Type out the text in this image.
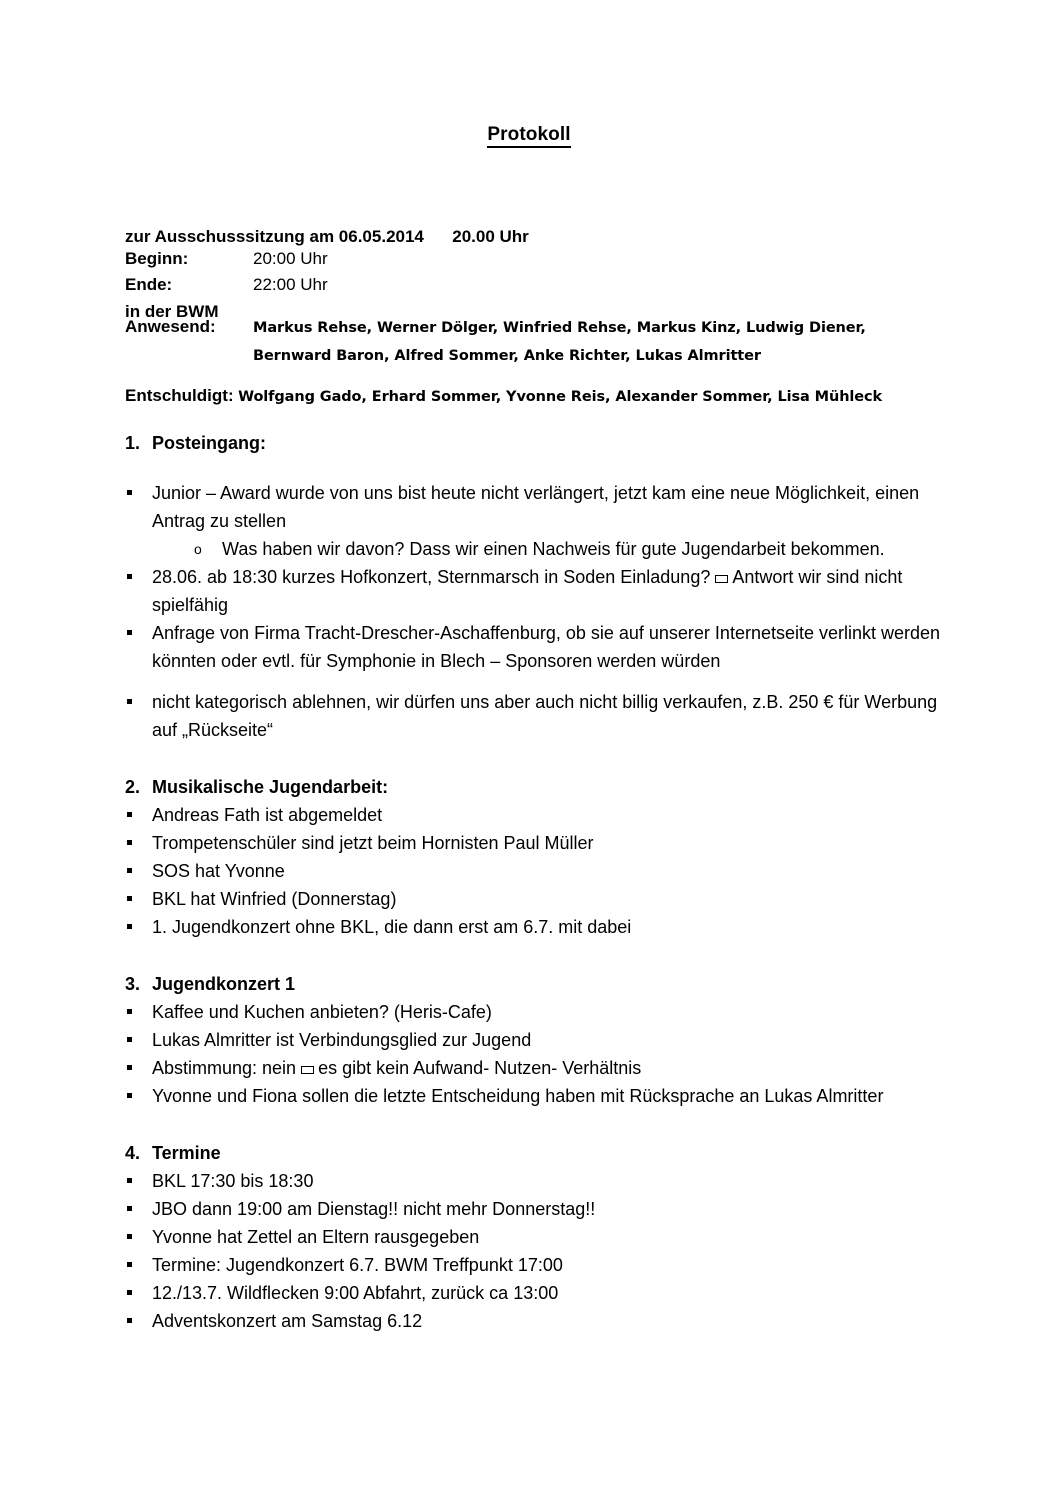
Protokoll

zur Ausschusssitzung am 06.05.2014 20.00 Uhr

in der BWM

Beginn:	20:00 Uhr
Ende:	22:00 Uhr
Anwesend:	Markus Rehse, Werner Dölger, Winfried Rehse, Markus Kinz, Ludwig Diener,
Bernward Baron, Alfred Sommer, Anke Richter, Lukas Almritter
Entschuldigt: Wolfgang Gado, Erhard Sommer, Yvonne Reis, Alexander Sommer, Lisa Mühleck
1. Posteingang:
Junior – Award wurde von uns bist heute nicht verlängert, jetzt kam eine neue Möglichkeit, einen Antrag zu stellen
o Was haben wir davon? Dass wir einen Nachweis für gute Jugendarbeit bekommen.
28.06. ab 18:30 kurzes Hofkonzert, Sternmarsch in Soden Einladung? Antwort wir sind nicht spielfähig
Anfrage von Firma Tracht-Drescher-Aschaffenburg, ob sie auf unserer Internetseite verlinkt werden könnten oder evtl. für Symphonie in Blech – Sponsoren werden würden
nicht kategorisch ablehnen, wir dürfen uns aber auch nicht billig verkaufen, z.B. 250 € für Werbung auf „Rückseite“
2. Musikalische Jugendarbeit:
Andreas Fath ist abgemeldet
Trompetenschüler sind jetzt beim Hornisten Paul Müller
SOS hat Yvonne
BKL hat Winfried (Donnerstag)
1. Jugendkonzert ohne BKL, die dann erst am 6.7. mit dabei
3. Jugendkonzert 1
Kaffee und Kuchen anbieten? (Heris-Cafe)
Lukas Almritter ist Verbindungsglied zur Jugend
Abstimmung: nein es gibt kein Aufwand- Nutzen- Verhältnis
Yvonne und Fiona sollen die letzte Entscheidung haben mit Rücksprache an Lukas Almritter
4. Termine
BKL 17:30 bis 18:30
JBO dann 19:00 am Dienstag!! nicht mehr Donnerstag!!
Yvonne hat Zettel an Eltern rausgegeben
Termine: Jugendkonzert 6.7. BWM Treffpunkt 17:00
12./13.7. Wildflecken 9:00 Abfahrt, zurück ca 13:00
Adventskonzert am Samstag 6.12
